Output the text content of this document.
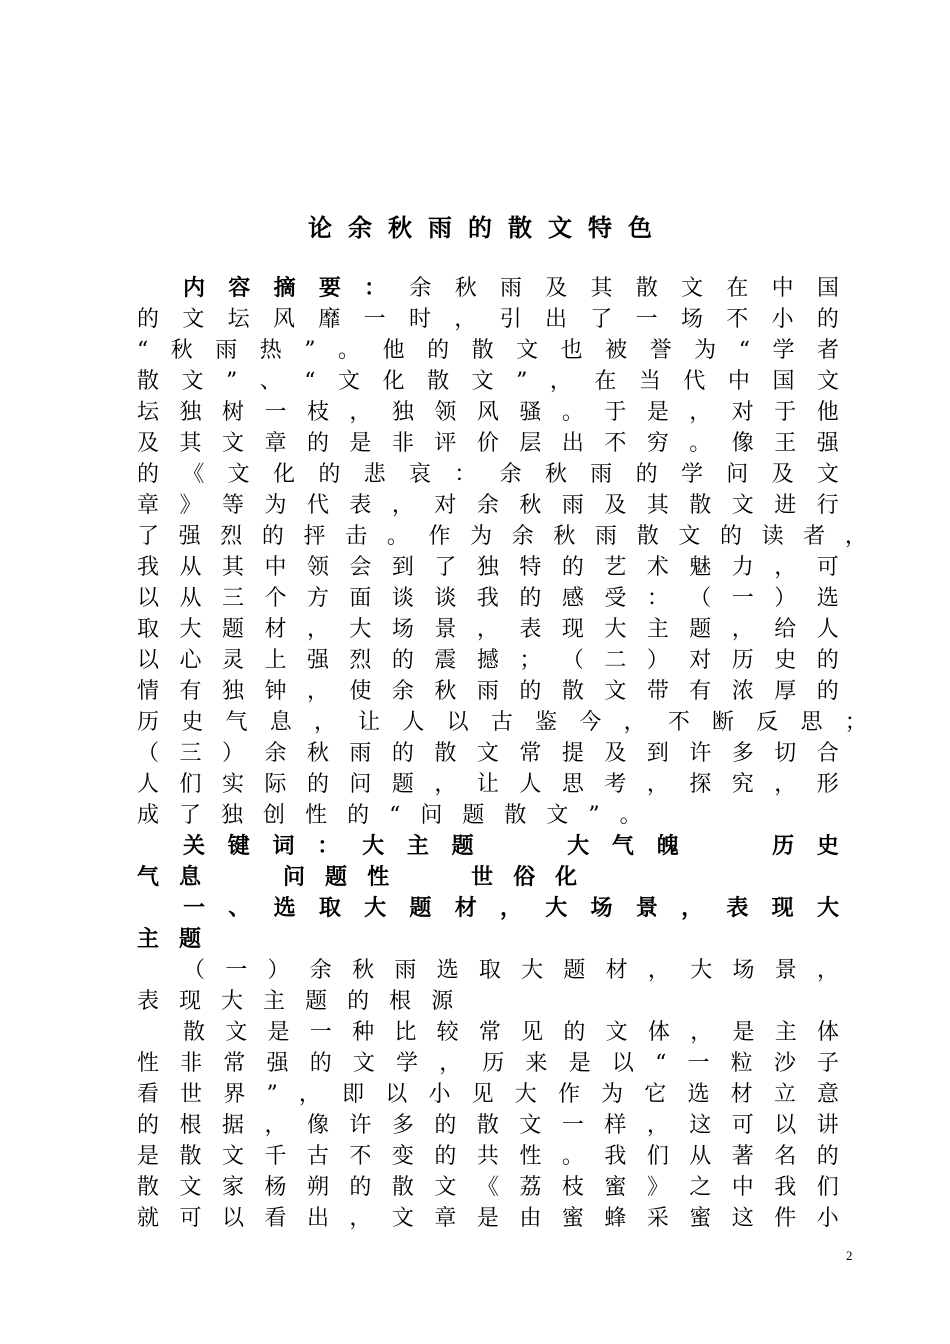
论余秋雨的散文特色
内 容 摘 要 ： 余 秋 雨 及 其 散 文 在 中 国
的 文 坛 风 靡 一 时 ， 引 出 了 一 场 不 小 的
“ 秋 雨 热 ” 。 他 的 散 文 也 被 誉 为 “ 学 者
散 文 ” 、 “ 文 化 散 文 ” ， 在 当 代 中 国 文
坛 独 树 一 枝 ， 独 领 风 骚 。 于 是 ， 对 于 他
及 其 文 章 的 是 非 评 价 层 出 不 穷 。 像 王 强
的 《 文 化 的 悲 哀 ： 余 秋 雨 的 学 问 及 文
章 》 等 为 代 表 ， 对 余 秋 雨 及 其 散 文 进 行
了 强 烈 的 抨 击 。 作 为 余 秋 雨 散 文 的 读 者 ，
我 从 其 中 领 会 到 了 独 特 的 艺 术 魅 力 ， 可
以 从 三 个 方 面 谈 谈 我 的 感 受 ： （ 一 ） 选
取 大 题 材 ， 大 场 景 ， 表 现 大 主 题 ， 给 人
以 心 灵 上 强 烈 的 震 撼 ； （ 二 ） 对 历 史 的
情 有 独 钟 ， 使 余 秋 雨 的 散 文 带 有 浓 厚 的
历 史 气 息 ， 让 人 以 古 鉴 今 ， 不 断 反 思 ；
（ 三 ） 余 秋 雨 的 散 文 常 提 及 到 许 多 切 合
人 们 实 际 的 问 题 ， 让 人 思 考 ， 探 究 ， 形
成 了 独 创 性 的 “ 问 题 散 文 ” 。
关 键 词 ： 大 主 题	大 气 魄	历 史
气 息	问 题 性	世 俗 化
一 、 选 取 大 题 材 ， 大 场 景 ， 表 现 大
主 题
（ 一 ） 余 秋 雨 选 取 大 题 材 ， 大 场 景 ，
表 现 大 主 题 的 根 源
散 文 是 一 种 比 较 常 见 的 文 体 ， 是 主 体
性 非 常 强 的 文 学 ， 历 来 是 以 “ 一 粒 沙 子
看 世 界 ” ， 即 以 小 见 大 作 为 它 选 材 立 意
的 根 据 ， 像 许 多 的 散 文 一 样 ， 这 可 以 讲
是 散 文 千 古 不 变 的 共 性 。 我 们 从 著 名 的
散 文 家 杨 朔 的 散 文 《 荔 枝 蜜 》 之 中 我 们
就 可 以 看 出 ， 文 章 是 由 蜜 蜂 采 蜜 这 件 小
2
